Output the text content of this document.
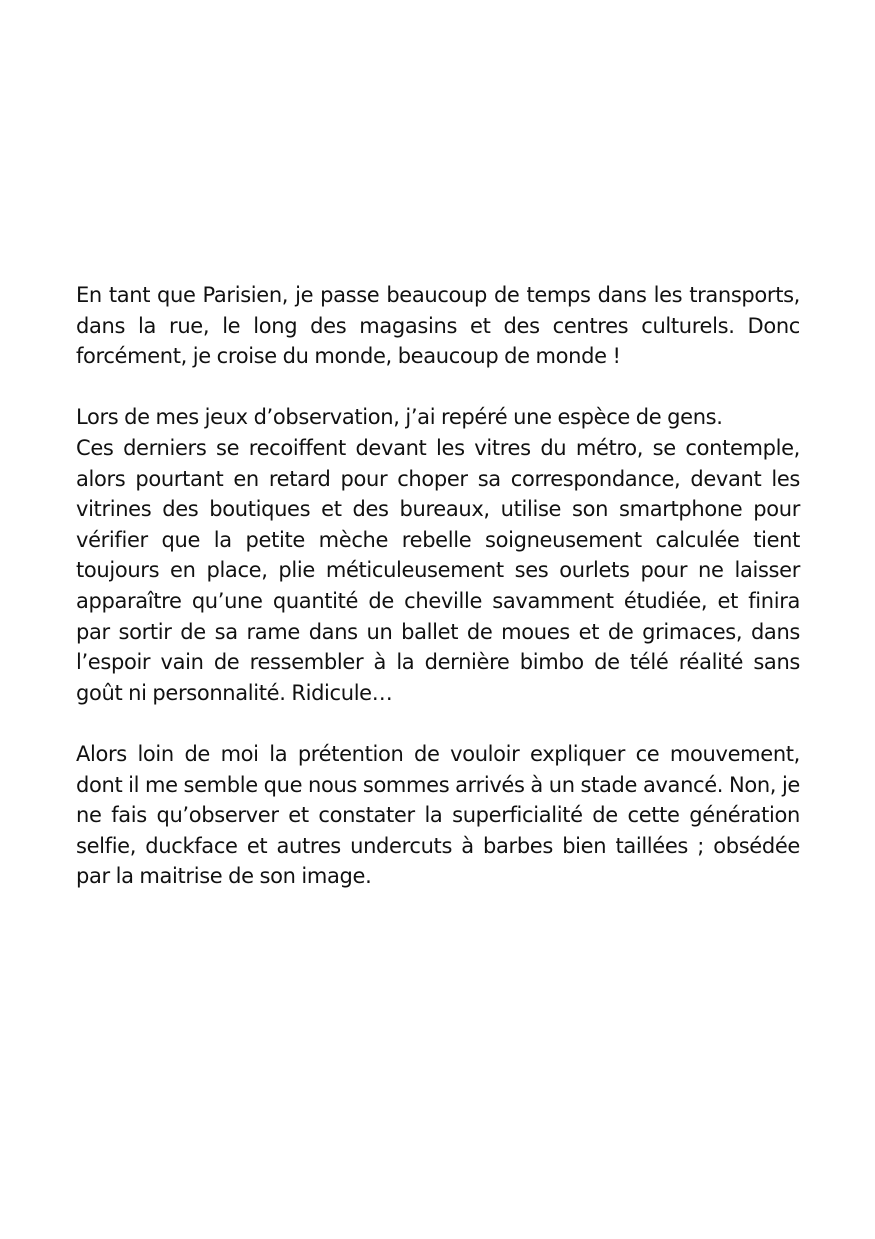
En tant que Parisien, je passe beaucoup de temps dans les transports, dans la rue, le long des magasins et des centres culturels. Donc forcément, je croise du monde, beaucoup de monde !

Lors de mes jeux d’observation, j’ai repéré une espèce de gens.

Ces derniers se recoiffent devant les vitres du métro, se contemple, alors pourtant en retard pour choper sa correspondance, devant les vitrines des boutiques et des bureaux, utilise son smartphone pour vérifier que la petite mèche rebelle soigneusement calculée tient toujours en place, plie méticuleusement ses ourlets pour ne laisser apparaître qu’une quantité de cheville savamment étudiée, et finira par sortir de sa rame dans un ballet de moues et de grimaces, dans l’espoir vain de ressembler à la dernière bimbo de télé réalité sans goût ni personnalité. Ridicule…

Alors loin de moi la prétention de vouloir expliquer ce mouvement, dont il me semble que nous sommes arrivés à un stade avancé. Non, je ne fais qu’observer et constater la superficialité de cette génération selfie, duckface et autres undercuts à barbes bien taillées ; obsédée par la maitrise de son image.
